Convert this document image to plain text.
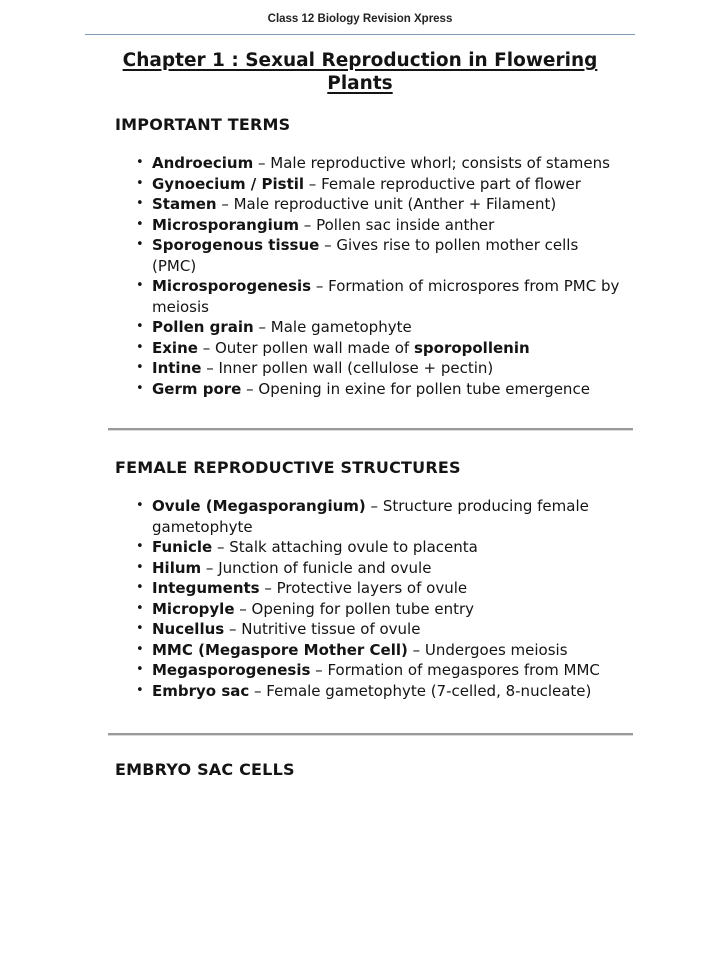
Class 12 Biology Revision Xpress
Chapter 1 : Sexual Reproduction in Flowering Plants
IMPORTANT TERMS
• Androecium – Male reproductive whorl; consists of stamens
• Gynoecium / Pistil – Female reproductive part of flower
• Stamen – Male reproductive unit (Anther + Filament)
• Microsporangium – Pollen sac inside anther
• Sporogenous tissue – Gives rise to pollen mother cells (PMC)
• Microsporogenesis – Formation of microspores from PMC by meiosis
• Pollen grain – Male gametophyte
• Exine – Outer pollen wall made of sporopollenin
• Intine – Inner pollen wall (cellulose + pectin)
• Germ pore – Opening in exine for pollen tube emergence
FEMALE REPRODUCTIVE STRUCTURES
• Ovule (Megasporangium) – Structure producing female gametophyte
• Funicle – Stalk attaching ovule to placenta
• Hilum – Junction of funicle and ovule
• Integuments – Protective layers of ovule
• Micropyle – Opening for pollen tube entry
• Nucellus – Nutritive tissue of ovule
• MMC (Megaspore Mother Cell) – Undergoes meiosis
• Megasporogenesis – Formation of megaspores from MMC
• Embryo sac – Female gametophyte (7-celled, 8-nucleate)
EMBRYO SAC CELLS
